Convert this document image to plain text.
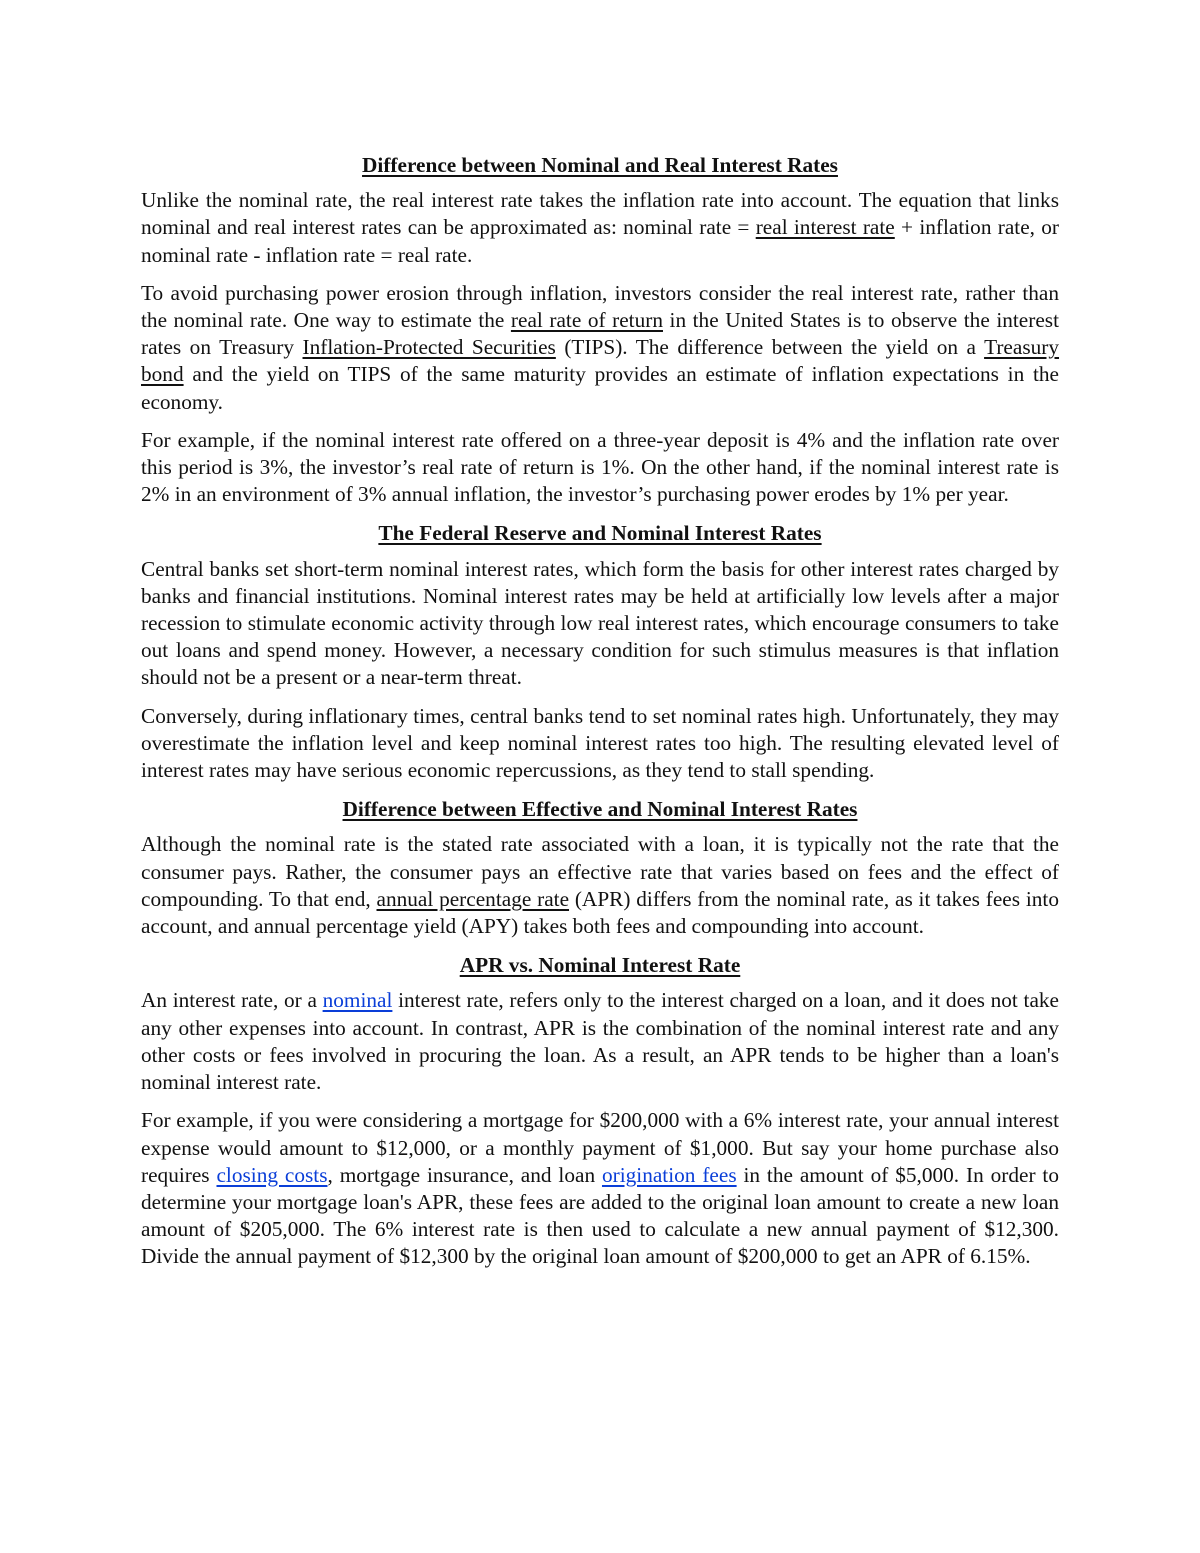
Difference between Nominal and Real Interest Rates

Unlike the nominal rate, the real interest rate takes the inflation rate into account. The equation that links nominal and real interest rates can be approximated as: nominal rate = real interest rate + inflation rate, or nominal rate - inflation rate = real rate.

To avoid purchasing power erosion through inflation, investors consider the real interest rate, rather than the nominal rate. One way to estimate the real rate of return in the United States is to observe the interest rates on Treasury Inflation-Protected Securities (TIPS). The difference between the yield on a Treasury bond and the yield on TIPS of the same maturity provides an estimate of inflation expectations in the economy.

For example, if the nominal interest rate offered on a three-year deposit is 4% and the inflation rate over this period is 3%, the investor’s real rate of return is 1%. On the other hand, if the nominal interest rate is 2% in an environment of 3% annual inflation, the investor’s purchasing power erodes by 1% per year.

The Federal Reserve and Nominal Interest Rates

Central banks set short-term nominal interest rates, which form the basis for other interest rates charged by banks and financial institutions. Nominal interest rates may be held at artificially low levels after a major recession to stimulate economic activity through low real interest rates, which encourage consumers to take out loans and spend money. However, a necessary condition for such stimulus measures is that inflation should not be a present or a near-term threat.

Conversely, during inflationary times, central banks tend to set nominal rates high. Unfortunately, they may overestimate the inflation level and keep nominal interest rates too high. The resulting elevated level of interest rates may have serious economic repercussions, as they tend to stall spending.

Difference between Effective and Nominal Interest Rates

Although the nominal rate is the stated rate associated with a loan, it is typically not the rate that the consumer pays. Rather, the consumer pays an effective rate that varies based on fees and the effect of compounding. To that end, annual percentage rate (APR) differs from the nominal rate, as it takes fees into account, and annual percentage yield (APY) takes both fees and compounding into account.

APR vs. Nominal Interest Rate

An interest rate, or a nominal interest rate, refers only to the interest charged on a loan, and it does not take any other expenses into account. In contrast, APR is the combination of the nominal interest rate and any other costs or fees involved in procuring the loan. As a result, an APR tends to be higher than a loan's nominal interest rate.

For example, if you were considering a mortgage for $200,000 with a 6% interest rate, your annual interest expense would amount to $12,000, or a monthly payment of $1,000. But say your home purchase also requires closing costs, mortgage insurance, and loan origination fees in the amount of $5,000. In order to determine your mortgage loan's APR, these fees are added to the original loan amount to create a new loan amount of $205,000. The 6% interest rate is then used to calculate a new annual payment of $12,300. Divide the annual payment of $12,300 by the original loan amount of $200,000 to get an APR of 6.15%.
